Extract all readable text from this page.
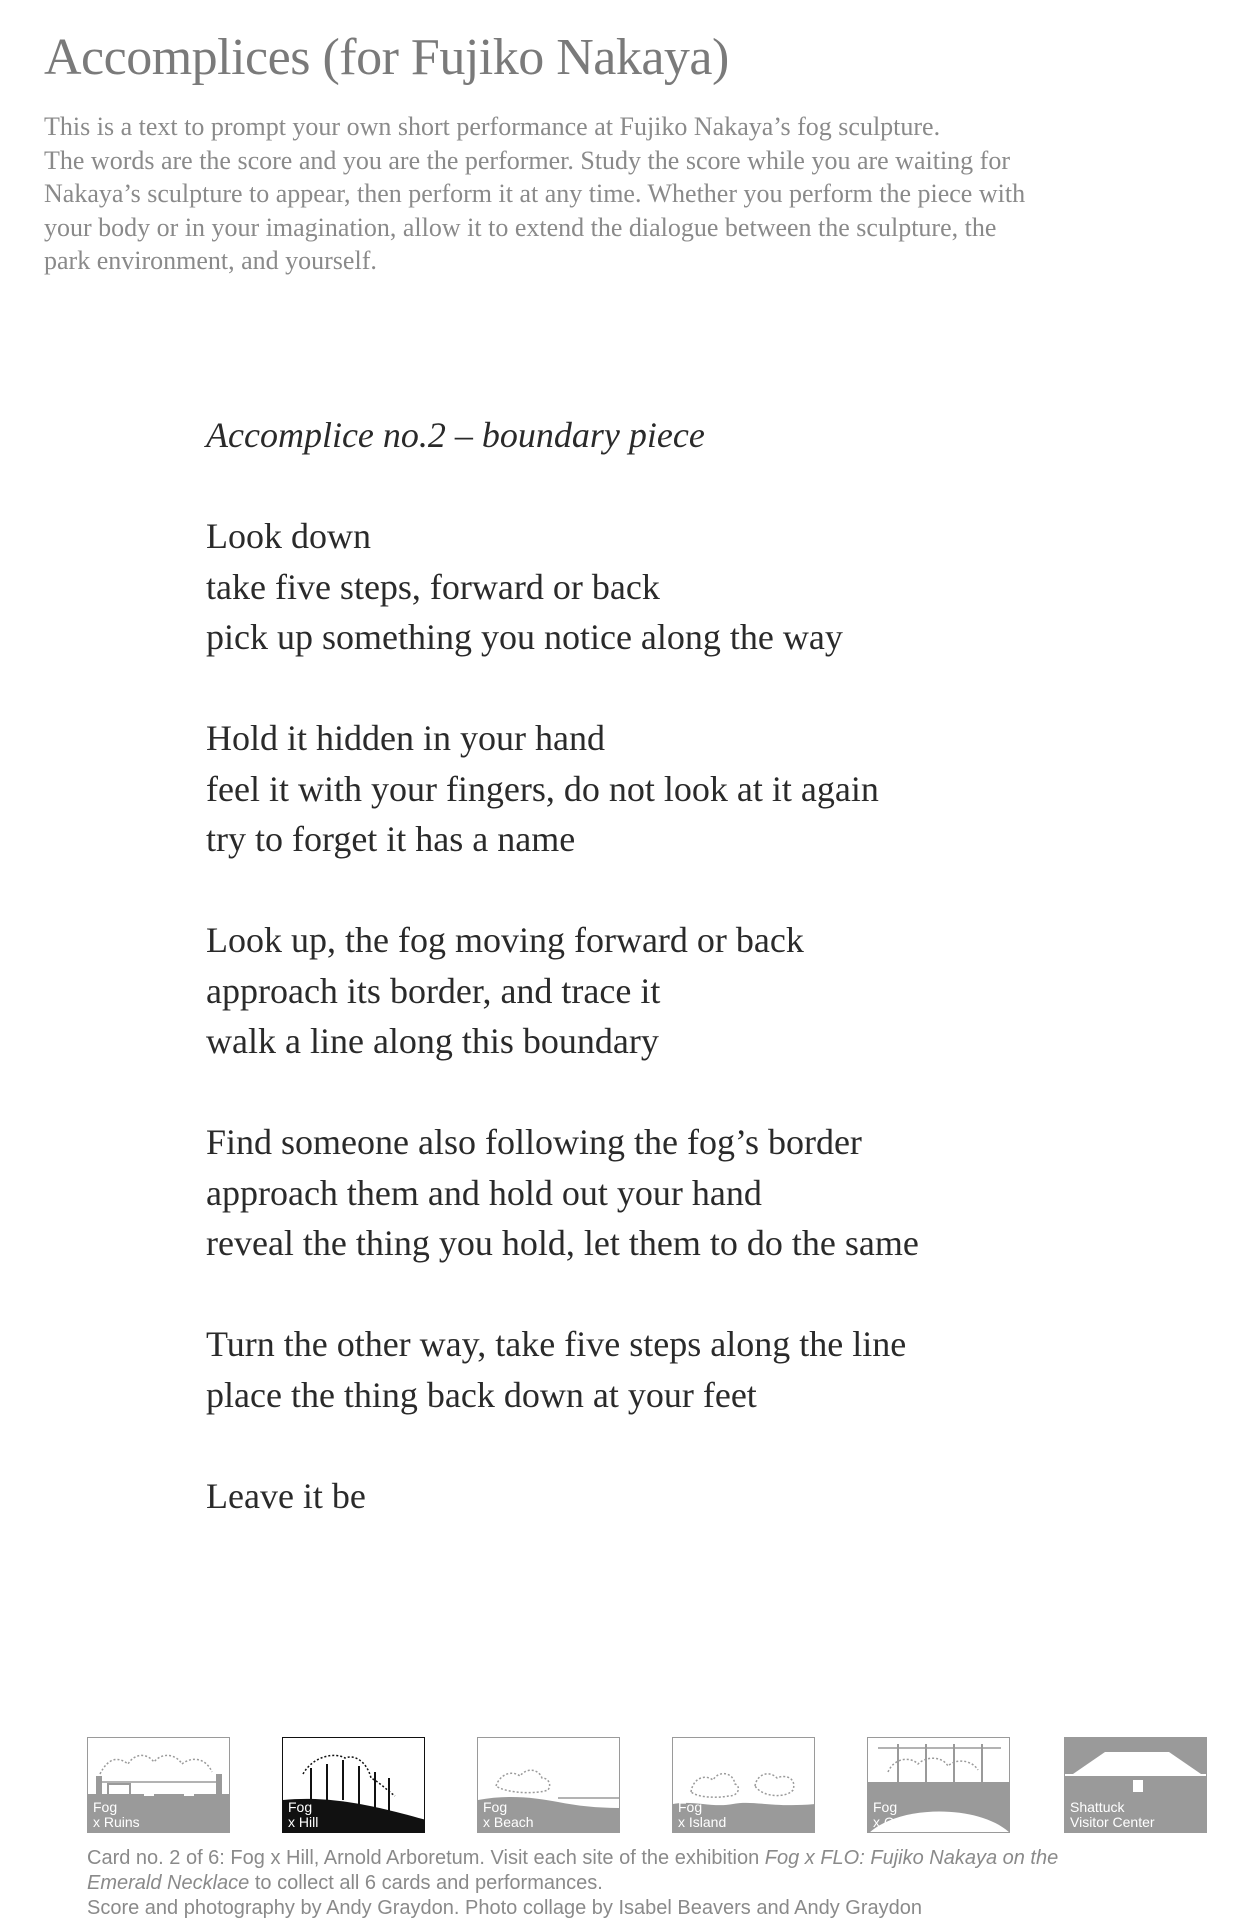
Accomplices (for Fujiko Nakaya)

This is a text to prompt your own short performance at Fujiko Nakaya’s fog sculpture.
The words are the score and you are the performer. Study the score while you are waiting for
Nakaya’s sculpture to appear, then perform it at any time. Whether you perform the piece with
your body or in your imagination, allow it to extend the dialogue between the sculpture, the
park environment, and yourself.

Accomplice no.2 – boundary piece
Look down
take five steps, forward or back
pick up something you notice along the way
Hold it hidden in your hand
feel it with your fingers, do not look at it again
try to forget it has a name
Look up, the fog moving forward or back
approach its border, and trace it
walk a line along this boundary
Find someone also following the fog’s border
approach them and hold out your hand
reveal the thing you hold, let them to do the same
Turn the other way, take five steps along the line
place the thing back down at your feet
Leave it be
Fog
x Ruins
Fog
x Hill
Fog
x Beach
Fog
x Island
Fog
x Canopy
Shattuck
Visitor Center
Card no. 2 of 6: Fog x Hill, Arnold Arboretum. Visit each site of the exhibition Fog x FLO: Fujiko Nakaya on the
Emerald Necklace to collect all 6 cards and performances.
Score and photography by Andy Graydon. Photo collage by Isabel Beavers and Andy Graydon
